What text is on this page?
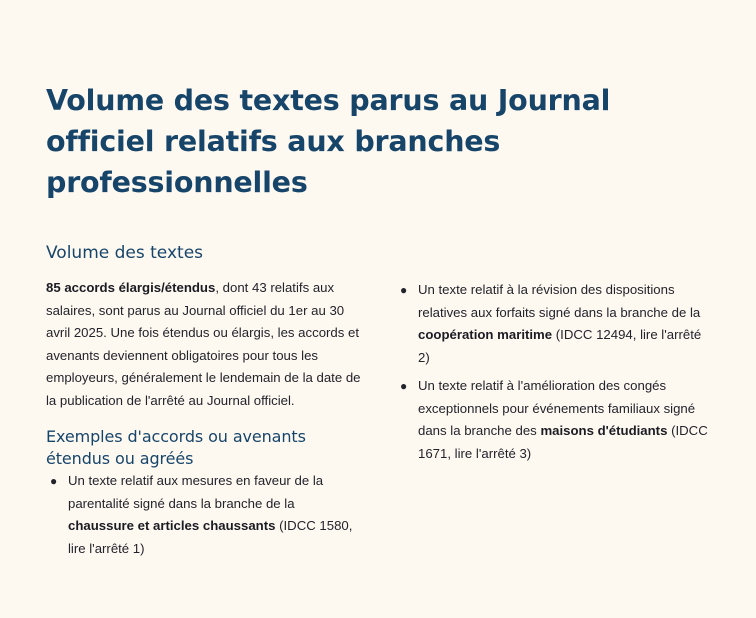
Volume des textes parus au Journal officiel relatifs aux branches professionnelles
Volume des textes

85 accords élargis/étendus, dont 43 relatifs aux salaires, sont parus au Journal officiel du 1er au 30 avril 2025. Une fois étendus ou élargis, les accords et avenants deviennent obligatoires pour tous les employeurs, généralement le lendemain de la date de la publication de l'arrêté au Journal officiel.

Exemples d'accords ou avenants étendus ou agréés
● Un texte relatif aux mesures en faveur de la parentalité signé dans la branche de la chaussure et articles chaussants (IDCC 1580, lire l'arrêté 1)
● Un texte relatif à la révision des dispositions relatives aux forfaits signé dans la branche de la coopération maritime (IDCC 12494, lire l'arrêté 2)
● Un texte relatif à l'amélioration des congés exceptionnels pour événements familiaux signé dans la branche des maisons d'étudiants (IDCC 1671, lire l'arrêté 3)
